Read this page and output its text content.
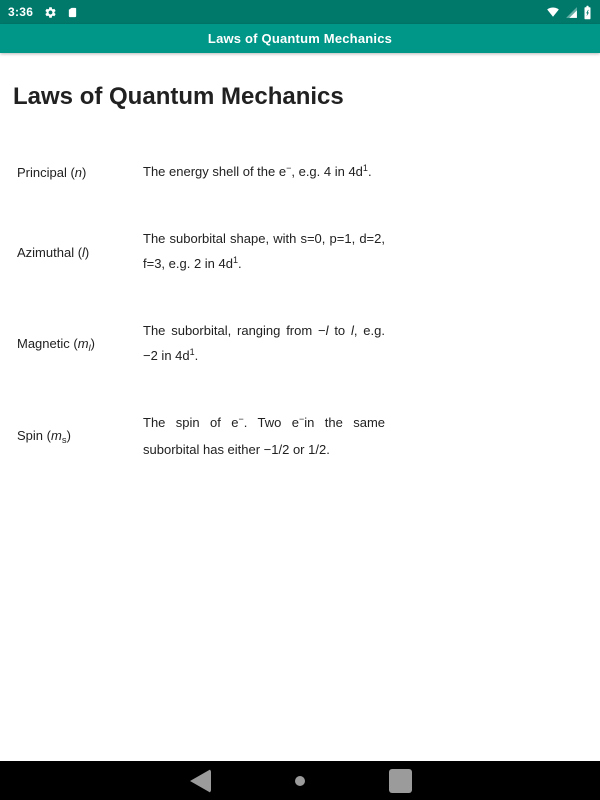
3:36
Laws of Quantum Mechanics
Laws of Quantum Mechanics
Principal (n)	The energy shell of the e−, e.g. 4 in $4d^1$.
Azimuthal (l)
The suborbital shape, with s=0, p=1, d=2, f=3, e.g. 2 in $4d^1$.
Magnetic $(m_l)$
The suborbital, ranging from −l to l, e.g. −2 in $4d^1$.
Spin $(m_s)$
The spin of e−. Two e−in the same suborbital has either −1/2 or 1/2.
